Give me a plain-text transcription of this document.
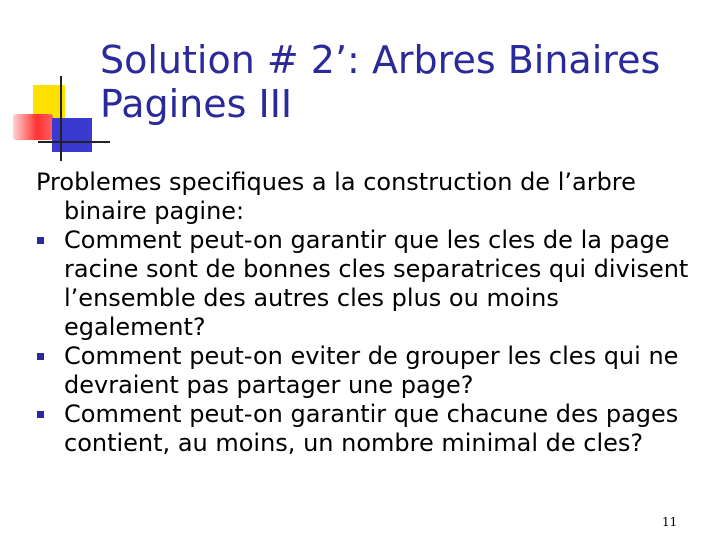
Solution # 2’: Arbres Binaires
Pagines III

Problemes specifiques a la construction de l’arbre
binaire pagine:

Comment peut-on garantir que les cles de la page
racine sont de bonnes cles separatrices qui divisent
l’ensemble des autres cles plus ou moins
egalement?
Comment peut-on eviter de grouper les cles qui ne
devraient pas partager une page?
Comment peut-on garantir que chacune des pages
contient, au moins, un nombre minimal de cles?
11
